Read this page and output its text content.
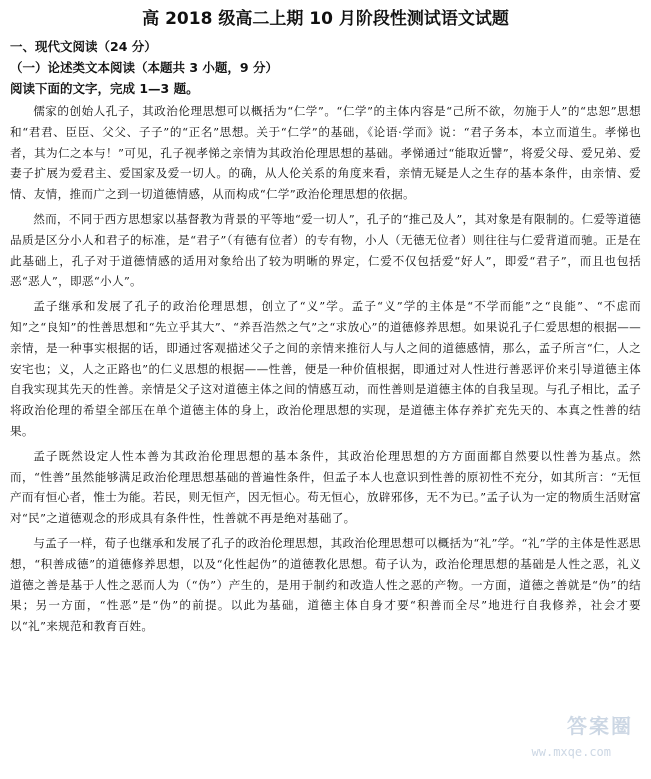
高 2018 级高二上期 10 月阶段性测试语文试题
一、现代文阅读（24 分）
（一）论述类文本阅读（本题共 3 小题，9 分）
阅读下面的文字，完成 1—3 题。

儒家的创始人孔子，其政治伦理思想可以概括为“仁学”。“仁学”的主体内容是“己所不欲，勿施于人”的“忠恕”思想和“君君、臣臣、父父、子子”的“正名”思想。关于“仁学”的基础，《论语·学而》说：“君子务本，本立而道生。孝悌也者，其为仁之本与！”可见，孔子视孝悌之亲情为其政治伦理思想的基础。孝悌通过“能取近譬”，将爱父母、爱兄弟、爱妻子扩展为爱君主、爱国家及爱一切人。的确，从人伦关系的角度来看，亲情无疑是人之生存的基本条件，由亲情、爱情、友情，推而广之到一切道德情感，从而构成“仁学”政治伦理思想的依据。

然而，不同于西方思想家以基督教为背景的平等地“爱一切人”，孔子的“推己及人”，其对象是有限制的。仁爱等道德品质是区分小人和君子的标准，是“君子”（有德有位者）的专有物，小人（无德无位者）则往往与仁爱背道而驰。正是在此基础上，孔子对于道德情感的适用对象给出了较为明晰的界定，仁爱不仅包括爱“好人”，即爱“君子”，而且也包括恶“恶人”，即恶“小人”。

孟子继承和发展了孔子的政治伦理思想，创立了“义”学。孟子“义”学的主体是“不学而能”之“良能”、“不虑而知”之“良知”的性善思想和“先立乎其大”、“养吾浩然之气”之“求放心”的道德修养思想。如果说孔子仁爱思想的根据——亲情，是一种事实根据的话，即通过客观描述父子之间的亲情来推衍人与人之间的道德感情，那么，孟子所言“仁，人之安宅也；义，人之正路也”的仁义思想的根据——性善，便是一种价值根据，即通过对人性进行善恶评价来引导道德主体自我实现其先天的性善。亲情是父子这对道德主体之间的情感互动，而性善则是道德主体的自我呈现。与孔子相比，孟子将政治伦理的希望全部压在单个道德主体的身上，政治伦理思想的实现，是道德主体存养扩充先天的、本真之性善的结果。

孟子既然设定人性本善为其政治伦理思想的基本条件，其政治伦理思想的方方面面都自然要以性善为基点。然而，“性善”虽然能够满足政治伦理思想基础的普遍性条件，但孟子本人也意识到性善的原初性不充分，如其所言：“无恒产而有恒心者，惟士为能。若民，则无恒产，因无恒心。苟无恒心，放辟邪侈，无不为已。”孟子认为一定的物质生活财富对“民”之道德观念的形成具有条件性，性善就不再是绝对基础了。

与孟子一样，荀子也继承和发展了孔子的政治伦理思想，其政治伦理思想可以概括为“礼”学。“礼”学的主体是性恶思想，“积善成德”的道德修养思想，以及“化性起伪”的道德教化思想。荀子认为，政治伦理思想的基础是人性之恶，礼义道德之善是基于人性之恶而人为（“伪”）产生的，是用于制约和改造人性之恶的产物。一方面，道德之善就是“伪”的结果；另一方面，“性恶”是“伪”的前提。以此为基础，道德主体自身才要“积善而全尽”地进行自我修养，社会才要以“礼”来规范和教育百姓。

答案圈
ww.mxqe.com
